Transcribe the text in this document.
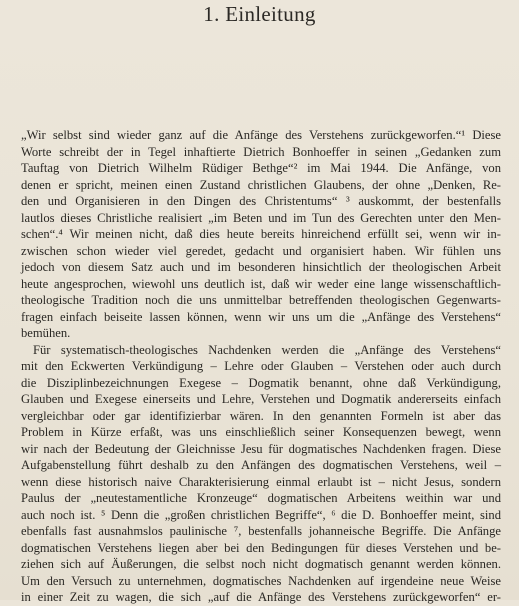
1. Einleitung
„Wir selbst sind wieder ganz auf die Anfänge des Verstehens zurückgeworfen.“¹ Diese
Worte schreibt der in Tegel inhaftierte Dietrich Bonhoeffer in seinen „Gedanken zum
Tauftag von Dietrich Wilhelm Rüdiger Bethge“² im Mai 1944. Die Anfänge, von
denen er spricht, meinen einen Zustand christlichen Glaubens, der ohne „Denken, Re-
den und Organisieren in den Dingen des Christentums“ ³ auskommt, der bestenfalls
lautlos dieses Christliche realisiert „im Beten und im Tun des Gerechten unter den Men-
schen“.⁴ Wir meinen nicht, daß dies heute bereits hinreichend erfüllt sei, wenn wir in-
zwischen schon wieder viel geredet, gedacht und organisiert haben. Wir fühlen uns
jedoch von diesem Satz auch und im besonderen hinsichtlich der theologischen Arbeit
heute angesprochen, wiewohl uns deutlich ist, daß wir weder eine lange wissenschaftlich-
theologische Tradition noch die uns unmittelbar betreffenden theologischen Gegenwarts-
fragen einfach beiseite lassen können, wenn wir uns um die „Anfänge des Verstehens“
bemühen.
Für systematisch-theologisches Nachdenken werden die „Anfänge des Verstehens“
mit den Eckwerten Verkündigung – Lehre oder Glauben – Verstehen oder auch durch
die Disziplinbezeichnungen Exegese – Dogmatik benannt, ohne daß Verkündigung,
Glauben und Exegese einerseits und Lehre, Verstehen und Dogmatik andererseits einfach
vergleichbar oder gar identifizierbar wären. In den genannten Formeln ist aber das
Problem in Kürze erfaßt, was uns einschließlich seiner Konsequenzen bewegt, wenn
wir nach der Bedeutung der Gleichnisse Jesu für dogmatisches Nachdenken fragen. Diese
Aufgabenstellung führt deshalb zu den Anfängen des dogmatischen Verstehens, weil –
wenn diese historisch naive Charakterisierung einmal erlaubt ist – nicht Jesus, sondern
Paulus der „neutestamentliche Kronzeuge“ dogmatischen Arbeitens weithin war und
auch noch ist. ⁵ Denn die „großen christlichen Begriffe“, ⁶ die D. Bonhoeffer meint, sind
ebenfalls fast ausnahmslos paulinische ⁷, bestenfalls johanneische Begriffe. Die Anfänge
dogmatischen Verstehens liegen aber bei den Bedingungen für dieses Verstehen und be-
ziehen sich auf Äußerungen, die selbst noch nicht dogmatisch genannt werden können.
Um den Versuch zu unternehmen, dogmatisches Nachdenken auf irgendeine neue Weise
in einer Zeit zu wagen, die sich „auf die Anfänge des Verstehens zurückgeworfen“ er-
